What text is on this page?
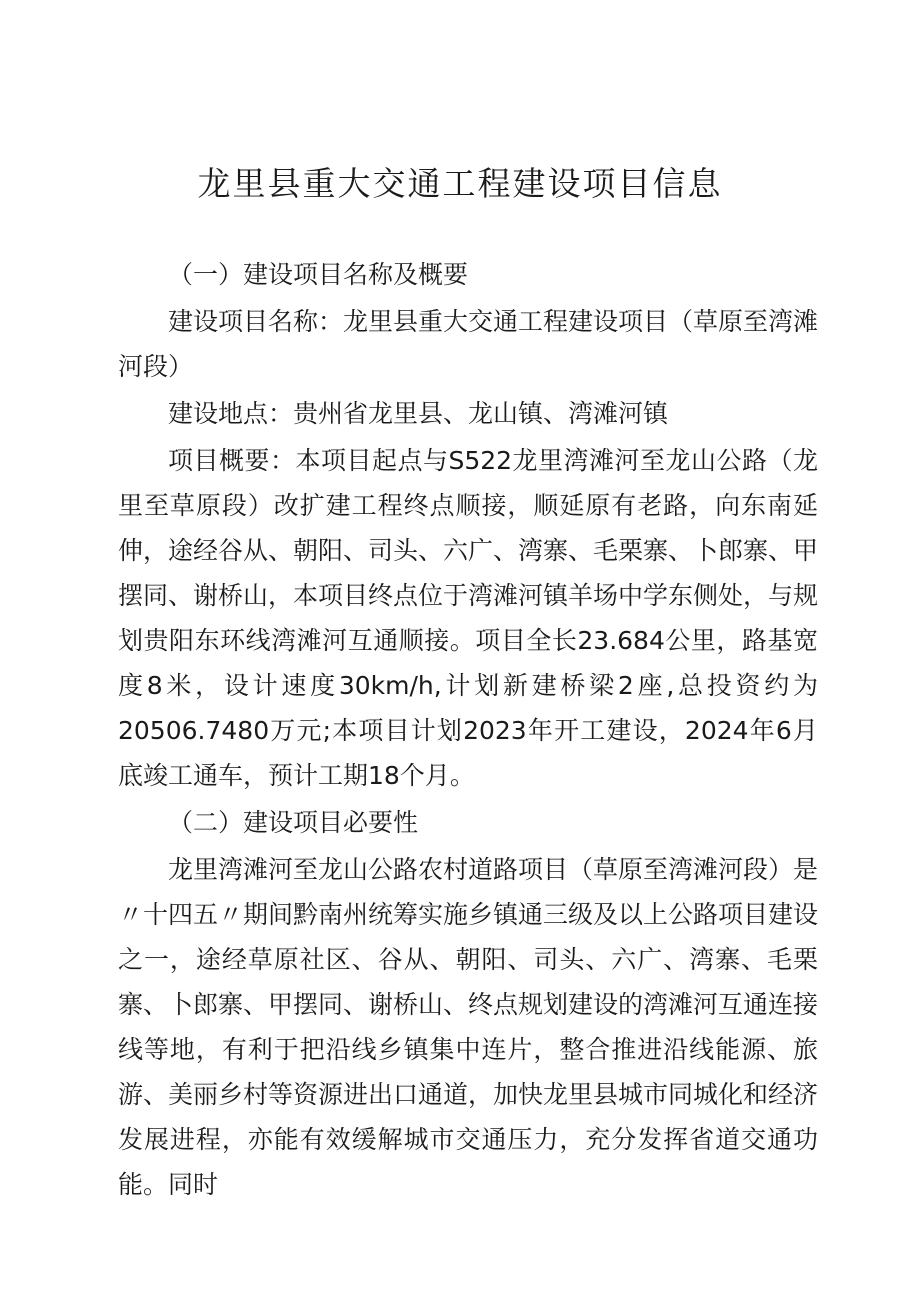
龙里县重大交通工程建设项目信息

（一）建设项目名称及概要

建设项目名称：龙里县重大交通工程建设项目（草原至湾滩河段）

建设地点：贵州省龙里县、龙山镇、湾滩河镇

项目概要：本项目起点与S522龙里湾滩河至龙山公路（龙里至草原段）改扩建工程终点顺接，顺延原有老路，向东南延伸，途经谷从、朝阳、司头、六广、湾寨、毛栗寨、卜郎寨、甲摆同、谢桥山，本项目终点位于湾滩河镇羊场中学东侧处，与规划贵阳东环线湾滩河互通顺接。项目全长23.684公里，路基宽度8米，设计速度30km/h,计划新建桥梁2座,总投资约为20506.7480万元;本项目计划2023年开工建设，2024年6月底竣工通车，预计工期18个月。

（二）建设项目必要性

龙里湾滩河至龙山公路农村道路项目（草原至湾滩河段）是〃十四五〃期间黔南州统筹实施乡镇通三级及以上公路项目建设之一，途经草原社区、谷从、朝阳、司头、六广、湾寨、毛栗寨、卜郎寨、甲摆同、谢桥山、终点规划建设的湾滩河互通连接线等地，有利于把沿线乡镇集中连片，整合推进沿线能源、旅游、美丽乡村等资源进出口通道，加快龙里县城市同城化和经济发展进程，亦能有效缓解城市交通压力，充分发挥省道交通功能。同时
